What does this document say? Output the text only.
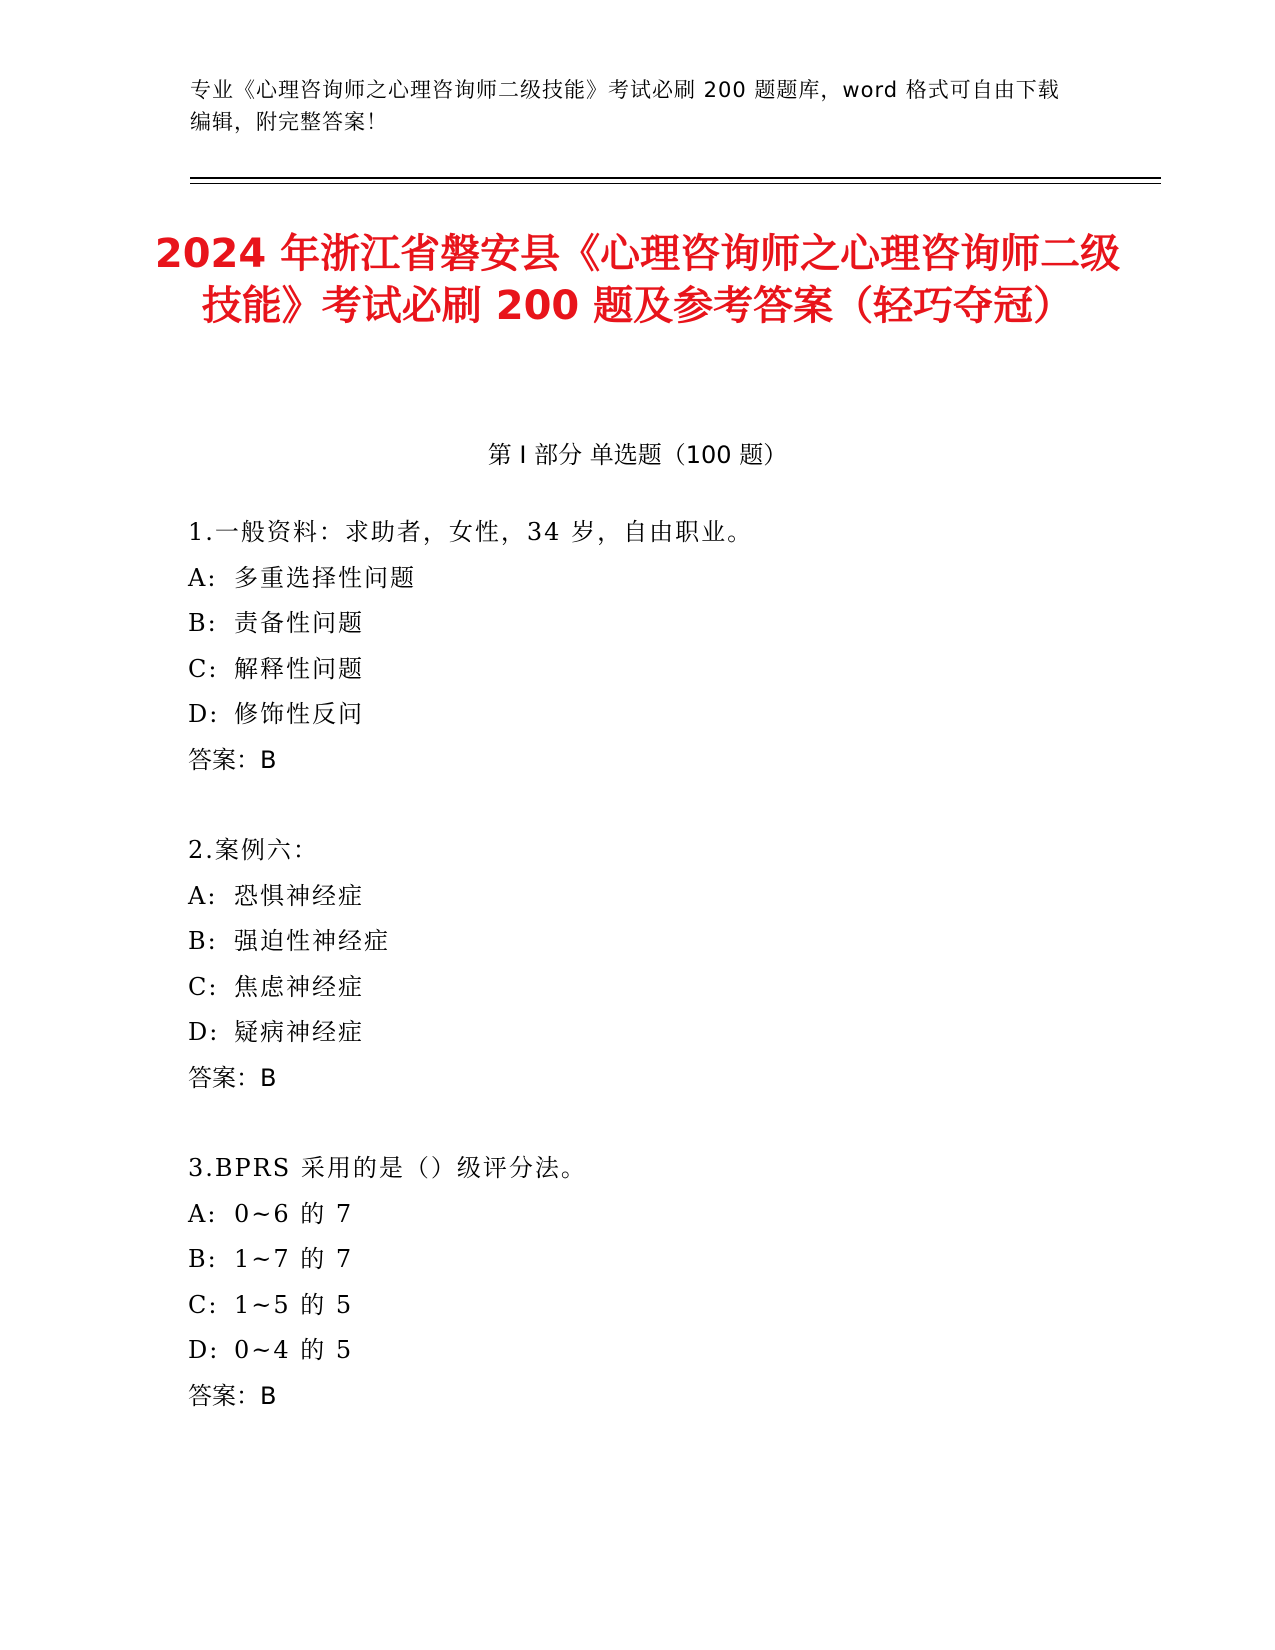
专业《心理咨询师之心理咨询师二级技能》考试必刷 200 题题库，word 格式可自由下载编辑，附完整答案！
2024 年浙江省磐安县《心理咨询师之心理咨询师二级技能》考试必刷 200 题及参考答案（轻巧夺冠）
第 I 部分 单选题（100 题）
1.一般资料：求助者，女性，34 岁，自由职业。
A: 多重选择性问题
B: 责备性问题
C: 解释性问题
D: 修饰性反问
答案：B
2.案例六：
A: 恐惧神经症
B: 强迫性神经症
C: 焦虑神经症
D: 疑病神经症
答案：B
3.BPRS 采用的是（）级评分法。
A: 0~6 的 7
B: 1~7 的 7
C: 1~5 的 5
D: 0~4 的 5
答案：B
